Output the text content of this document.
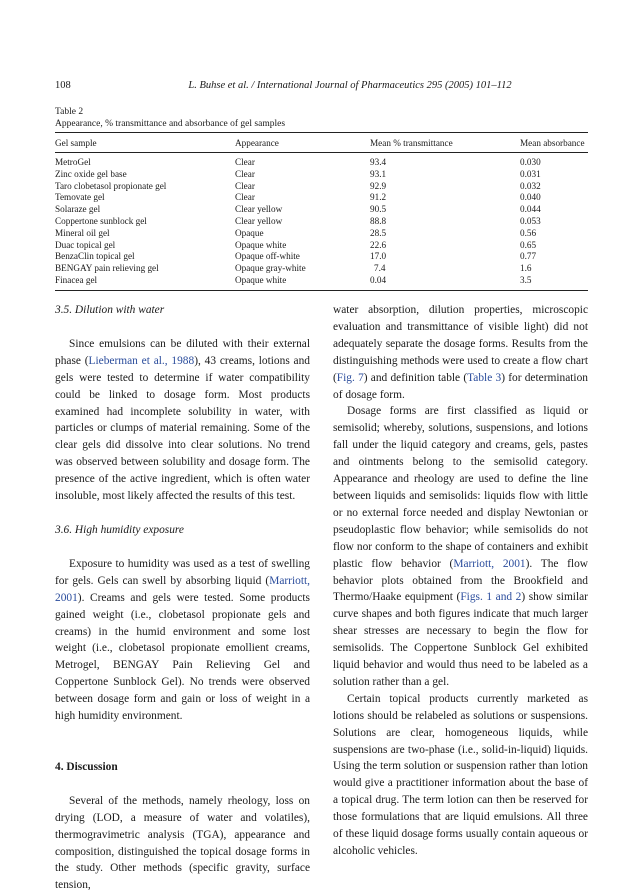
108	L. Buhse et al. / International Journal of Pharmaceutics 295 (2005) 101–112
Table 2
Appearance, % transmittance and absorbance of gel samples
Gel sample	Appearance	Mean % transmittance	Mean absorbance
MetroGel	Clear	93.4	0.030
Zinc oxide gel base	Clear	93.1	0.031
Taro clobetasol propionate gel	Clear	92.9	0.032
Temovate gel	Clear	91.2	0.040
Solaraze gel	Clear yellow	90.5	0.044
Coppertone sunblock gel	Clear yellow	88.8	0.053
Mineral oil gel	Opaque	28.5	0.56
Duac topical gel	Opaque white	22.6	0.65
BenzaClin topical gel	Opaque off-white	17.0	0.77
BENGAY pain relieving gel	Opaque gray-white	7.4	1.6
Finacea gel	Opaque white	0.04	3.5

3.5. Dilution with water

Since emulsions can be diluted with their external phase (Lieberman et al., 1988), 43 creams, lotions and gels were tested to determine if water compatibility could be linked to dosage form. Most products examined had incomplete solubility in water, with particles or clumps of material remaining. Some of the clear gels did dissolve into clear solutions. No trend was observed between solubility and dosage form. The presence of the active ingredient, which is often water insoluble, most likely affected the results of this test.

3.6. High humidity exposure

Exposure to humidity was used as a test of swelling for gels. Gels can swell by absorbing liquid (Marriott, 2001). Creams and gels were tested. Some products gained weight (i.e., clobetasol propionate gels and creams) in the humid environment and some lost weight (i.e., clobetasol propionate emollient creams, Metrogel, BENGAY Pain Relieving Gel and Coppertone Sunblock Gel). No trends were observed between dosage form and gain or loss of weight in a high humidity environment.

4. Discussion

Several of the methods, namely rheology, loss on drying (LOD, a measure of water and volatiles), thermogravimetric analysis (TGA), appearance and composition, distinguished the topical dosage forms in the study. Other methods (specific gravity, surface tension,

water absorption, dilution properties, microscopic evaluation and transmittance of visible light) did not adequately separate the dosage forms. Results from the distinguishing methods were used to create a flow chart (Fig. 7) and definition table (Table 3) for determination of dosage form.

Dosage forms are first classified as liquid or semisolid; whereby, solutions, suspensions, and lotions fall under the liquid category and creams, gels, pastes and ointments belong to the semisolid category. Appearance and rheology are used to define the line between liquids and semisolids: liquids flow with little or no external force needed and display Newtonian or pseudoplastic flow behavior; while semisolids do not flow nor conform to the shape of containers and exhibit plastic flow behavior (Marriott, 2001). The flow behavior plots obtained from the Brookfield and Thermo/Haake equipment (Figs. 1 and 2) show similar curve shapes and both figures indicate that much larger shear stresses are necessary to begin the flow for semisolids. The Coppertone Sunblock Gel exhibited liquid behavior and would thus need to be labeled as a solution rather than a gel.

Certain topical products currently marketed as lotions should be relabeled as solutions or suspensions. Solutions are clear, homogeneous liquids, while suspensions are two-phase (i.e., solid-in-liquid) liquids. Using the term solution or suspension rather than lotion would give a practitioner information about the base of a topical drug. The term lotion can then be reserved for those formulations that are liquid emulsions. All three of these liquid dosage forms usually contain aqueous or alcoholic vehicles.
